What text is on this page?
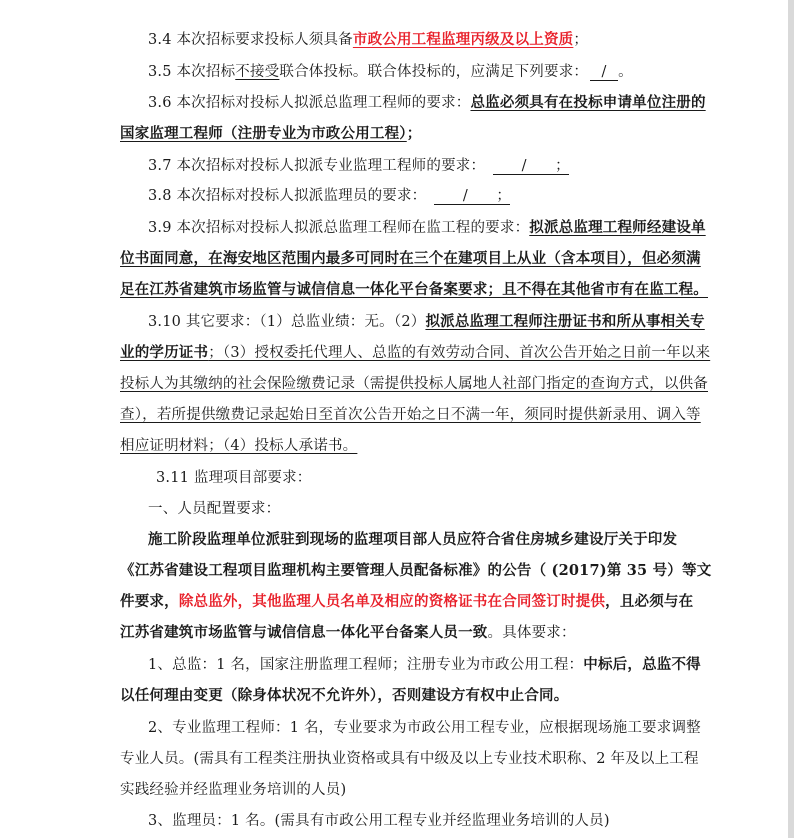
3.4 本次招标要求投标人须具备市政公用工程监理丙级及以上资质；
3.5 本次招标不接受联合体投标。联合体投标的，应满足下列要求： / 。
3.6 本次招标对投标人拟派总监理工程师的要求：总监必须具有在投标申请单位注册的
国家监理工程师（注册专业为市政公用工程）；
3.7 本次招标对投标人拟派专业监理工程师的要求：	/ ；
3.8 本次招标对投标人拟派监理员的要求：	/ ；
3.9 本次招标对投标人拟派总监理工程师在监工程的要求：拟派总监理工程师经建设单
位书面同意，在海安地区范围内最多可同时在三个在建项目上从业（含本项目），但必须满
足在江苏省建筑市场监管与诚信信息一体化平台备案要求；且不得在其他省市有在监工程。
3.10 其它要求：（1）总监业绩：无。（2）拟派总监理工程师注册证书和所从事相关专
业的学历证书；（3）授权委托代理人、总监的有效劳动合同、首次公告开始之日前一年以来
投标人为其缴纳的社会保险缴费记录（需提供投标人属地人社部门指定的查询方式，以供备
查），若所提供缴费记录起始日至首次公告开始之日不满一年，须同时提供新录用、调入等
相应证明材料；（4）投标人承诺书。
3.11 监理项目部要求：
一、人员配置要求：
施工阶段监理单位派驻到现场的监理项目部人员应符合省住房城乡建设厅关于印发
《江苏省建设工程项目监理机构主要管理人员配备标准》的公告（ (2017)第 35 号）等文
件要求，除总监外，其他监理人员名单及相应的资格证书在合同签订时提供，且必须与在
江苏省建筑市场监管与诚信信息一体化平台备案人员一致。具体要求：
1、总监：1 名，国家注册监理工程师；注册专业为市政公用工程：中标后，总监不得
以任何理由变更（除身体状况不允许外），否则建设方有权中止合同。
2、专业监理工程师：1 名，专业要求为市政公用工程专业，应根据现场施工要求调整
专业人员。(需具有工程类注册执业资格或具有中级及以上专业技术职称、2 年及以上工程
实践经验并经监理业务培训的人员)
3、监理员：1 名。(需具有市政公用工程专业并经监理业务培训的人员)
